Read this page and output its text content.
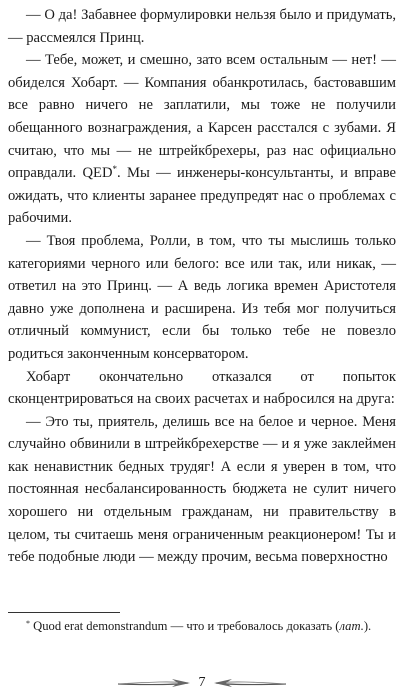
— О да! Забавнее формулировки нельзя было и придумать, — рассмеялся Принц.

— Тебе, может, и смешно, зато всем остальным — нет! — обиделся Хобарт. — Компания обанкротилась, бастовавшим все равно ничего не заплатили, мы тоже не получили обещанного вознаграждения, а Карсен расстался с зубами. Я считаю, что мы — не штрейкбрехеры, раз нас официально оправдали. QED*. Мы — инженеры-консультанты, и вправе ожидать, что клиенты заранее предупредят нас о проблемах с рабочими.

— Твоя проблема, Ролли, в том, что ты мыслишь только категориями черного или белого: все или так, или никак, — ответил на это Принц. — А ведь логика времен Аристотеля давно уже дополнена и расширена. Из тебя мог получиться отличный коммунист, если бы только тебе не повезло родиться законченным консерватором.

Хобарт окончательно отказался от попыток сконцентрироваться на своих расчетах и набросился на друга:

— Это ты, приятель, делишь все на белое и черное. Меня случайно обвинили в штрейкбрехерстве — и я уже заклеймен как ненавистник бедных трудяг! А если я уверен в том, что постоянная несбалансированность бюджета не сулит ничего хорошего ни отдельным гражданам, ни правительству в целом, ты считаешь меня ограниченным реакционером! Ты и тебе подобные люди — между прочим, весьма поверхностно

* Quod erat demonstrandum — что и требовалось доказать (лат.).

7
